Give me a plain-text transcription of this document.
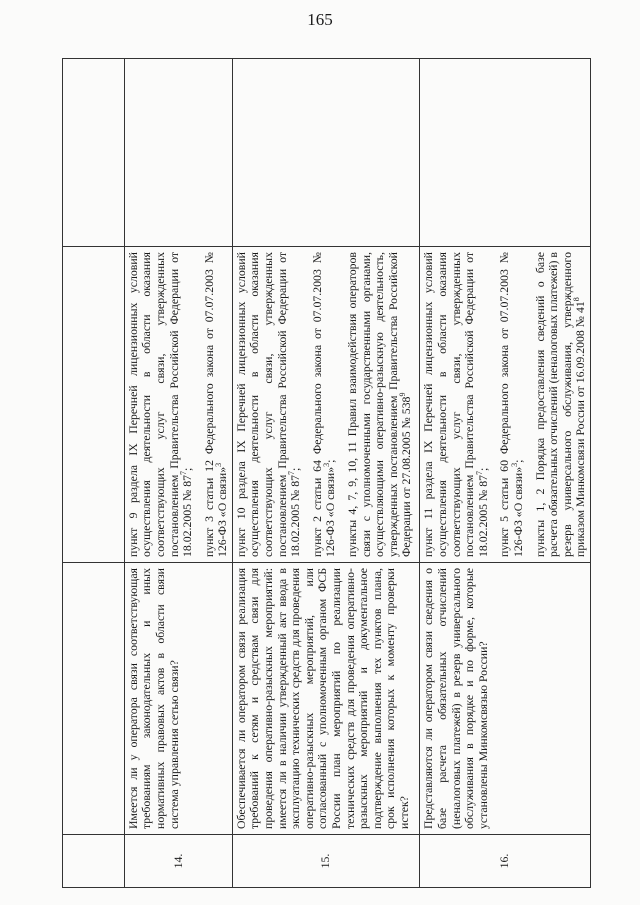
165
14.
Имеется ли у оператора связи соответствующая требованиям законодательных и иных нормативных правовых актов в области связи система управления сетью связи?

пункт 9 раздела IX Перечней лицензионных условий осуществления деятельности в области оказания соответствующих услуг связи, утвержденных постановлением Правительства Российской Федерации от 18.02.2005 № $87^7$; пункт 3 статьи 12 Федерального закона от 07.07.2003 № 126-ФЗ «О связи»$^3$

15.
Обеспечивается ли оператором связи реализация требований к сетям и средствам связи для проведения оперативно-разыскных мероприятий: имеется ли в наличии утвержденный акт ввода в эксплуатацию технических средств для проведения оперативно-разыскных мероприятий, или согласованный с уполномоченным органом ФСБ России план мероприятий по реализации технических средств для проведения оперативно-разыскных мероприятий и документальное подтверждение выполнения тех пунктов плана, срок исполнения которых к моменту проверки истек?

пункт 10 раздела IX Перечней лицензионных условий осуществления деятельности в области оказания соответствующих услуг связи, утвержденных постановлением Правительства Российской Федерации от 18.02.2005 № $87^7$; пункт 2 статьи 64 Федерального закона от 07.07.2003 № 126-ФЗ «О связи»$^3$; пункты 4, 7, 9, 10, 11 Правил взаимодействия операторов связи с уполномоченными государственными органами, осуществляющими оперативно-разыскную деятельность, утвержденных постановлением Правительства Российской Федерации от 27.08.2005 № $538^9$

16.
Представляются ли оператором связи сведения о базе расчета обязательных отчислений (неналоговых платежей) в резерв универсального обслуживания в порядке и по форме, которые установлены Минкомсвязью России?

пункт 11 раздела IX Перечней лицензионных условий осуществления деятельности в области оказания соответствующих услуг связи, утвержденных постановлением Правительства Российской Федерации от 18.02.2005 № $87^7$; пункт 5 статьи 60 Федерального закона от 07.07.2003 № 126-ФЗ «О связи»$^3$; пункты 1, 2 Порядка предоставления сведений о базе расчета обязательных отчислений (неналоговых платежей) в резерв универсального обслуживания, утвержденного приказом Минкомсвязи России от 16.09.2008 № $41^8$
